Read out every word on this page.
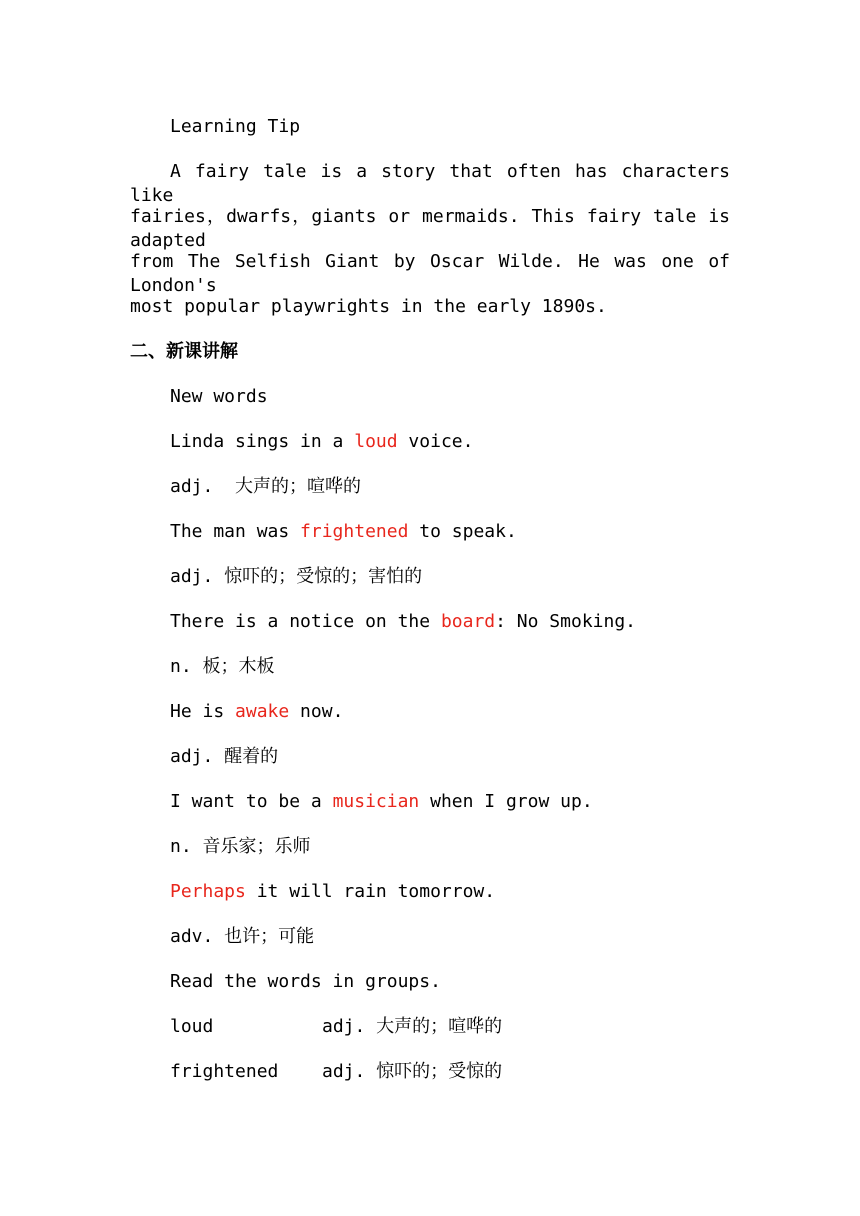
Learning Tip
A fairy tale is a story that often has characters like
fairies，dwarfs，giants or mermaids. This fairy tale is adapted
from The Selfish Giant by Oscar Wilde. He was one of London's
most popular playwrights in the early 1890s.
二、新课讲解
New words
Linda sings in a loud voice.
adj.  大声的；喧哗的
The man was frightened to speak.
adj. 惊吓的；受惊的；害怕的
There is a notice on the board: No Smoking.
n. 板；木板
He is awake now.
adj. 醒着的
I want to be a musician when I grow up.
n. 音乐家；乐师
Perhaps it will rain tomorrow.
adv. 也许；可能
Read the words in groups.
loud	adj. 大声的；喧哗的
frightened adj. 惊吓的；受惊的
